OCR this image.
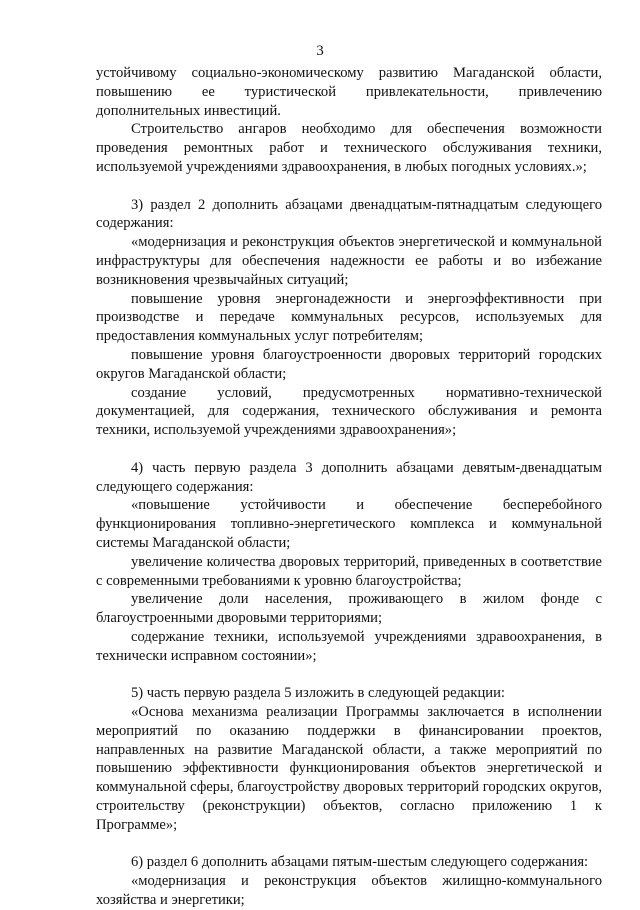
3

устойчивому социально-экономическому развитию Магаданской области, повышению ее туристической привлекательности, привлечению дополнительных инвестиций.

Строительство ангаров необходимо для обеспечения возможности проведения ремонтных работ и технического обслуживания техники, используемой учреждениями здравоохранения, в любых погодных условиях.»;

3) раздел 2 дополнить абзацами двенадцатым-пятнадцатым следующего содержания:

«модернизация и реконструкция объектов энергетической и коммунальной инфраструктуры для обеспечения надежности ее работы и во избежание возникновения чрезвычайных ситуаций;

повышение уровня энергонадежности и энергоэффективности при производстве и передаче коммунальных ресурсов, используемых для предоставления коммунальных услуг потребителям;

повышение уровня благоустроенности дворовых территорий городских округов Магаданской области;

создание условий, предусмотренных нормативно-технической документацией, для содержания, технического обслуживания и ремонта техники, используемой учреждениями здравоохранения»;

4) часть первую раздела 3 дополнить абзацами девятым-двенадцатым следующего содержания:

«повышение устойчивости и обеспечение бесперебойного функционирования топливно-энергетического комплекса и коммунальной системы Магаданской области;

увеличение количества дворовых территорий, приведенных в соответствие с современными требованиями к уровню благоустройства;

увеличение доли населения, проживающего в жилом фонде с благоустроенными дворовыми территориями;

содержание техники, используемой учреждениями здравоохранения, в технически исправном состоянии»;

5) часть первую раздела 5 изложить в следующей редакции:

«Основа механизма реализации Программы заключается в исполнении мероприятий по оказанию поддержки в финансировании проектов, направленных на развитие Магаданской области, а также мероприятий по повышению эффективности функционирования объектов энергетической и коммунальной сферы, благоустройству дворовых территорий городских округов, строительству (реконструкции) объектов, согласно приложению 1 к Программе»;

6) раздел 6 дополнить абзацами пятым-шестым следующего содержания:

«модернизация и реконструкция объектов жилищно-коммунального хозяйства и энергетики;
